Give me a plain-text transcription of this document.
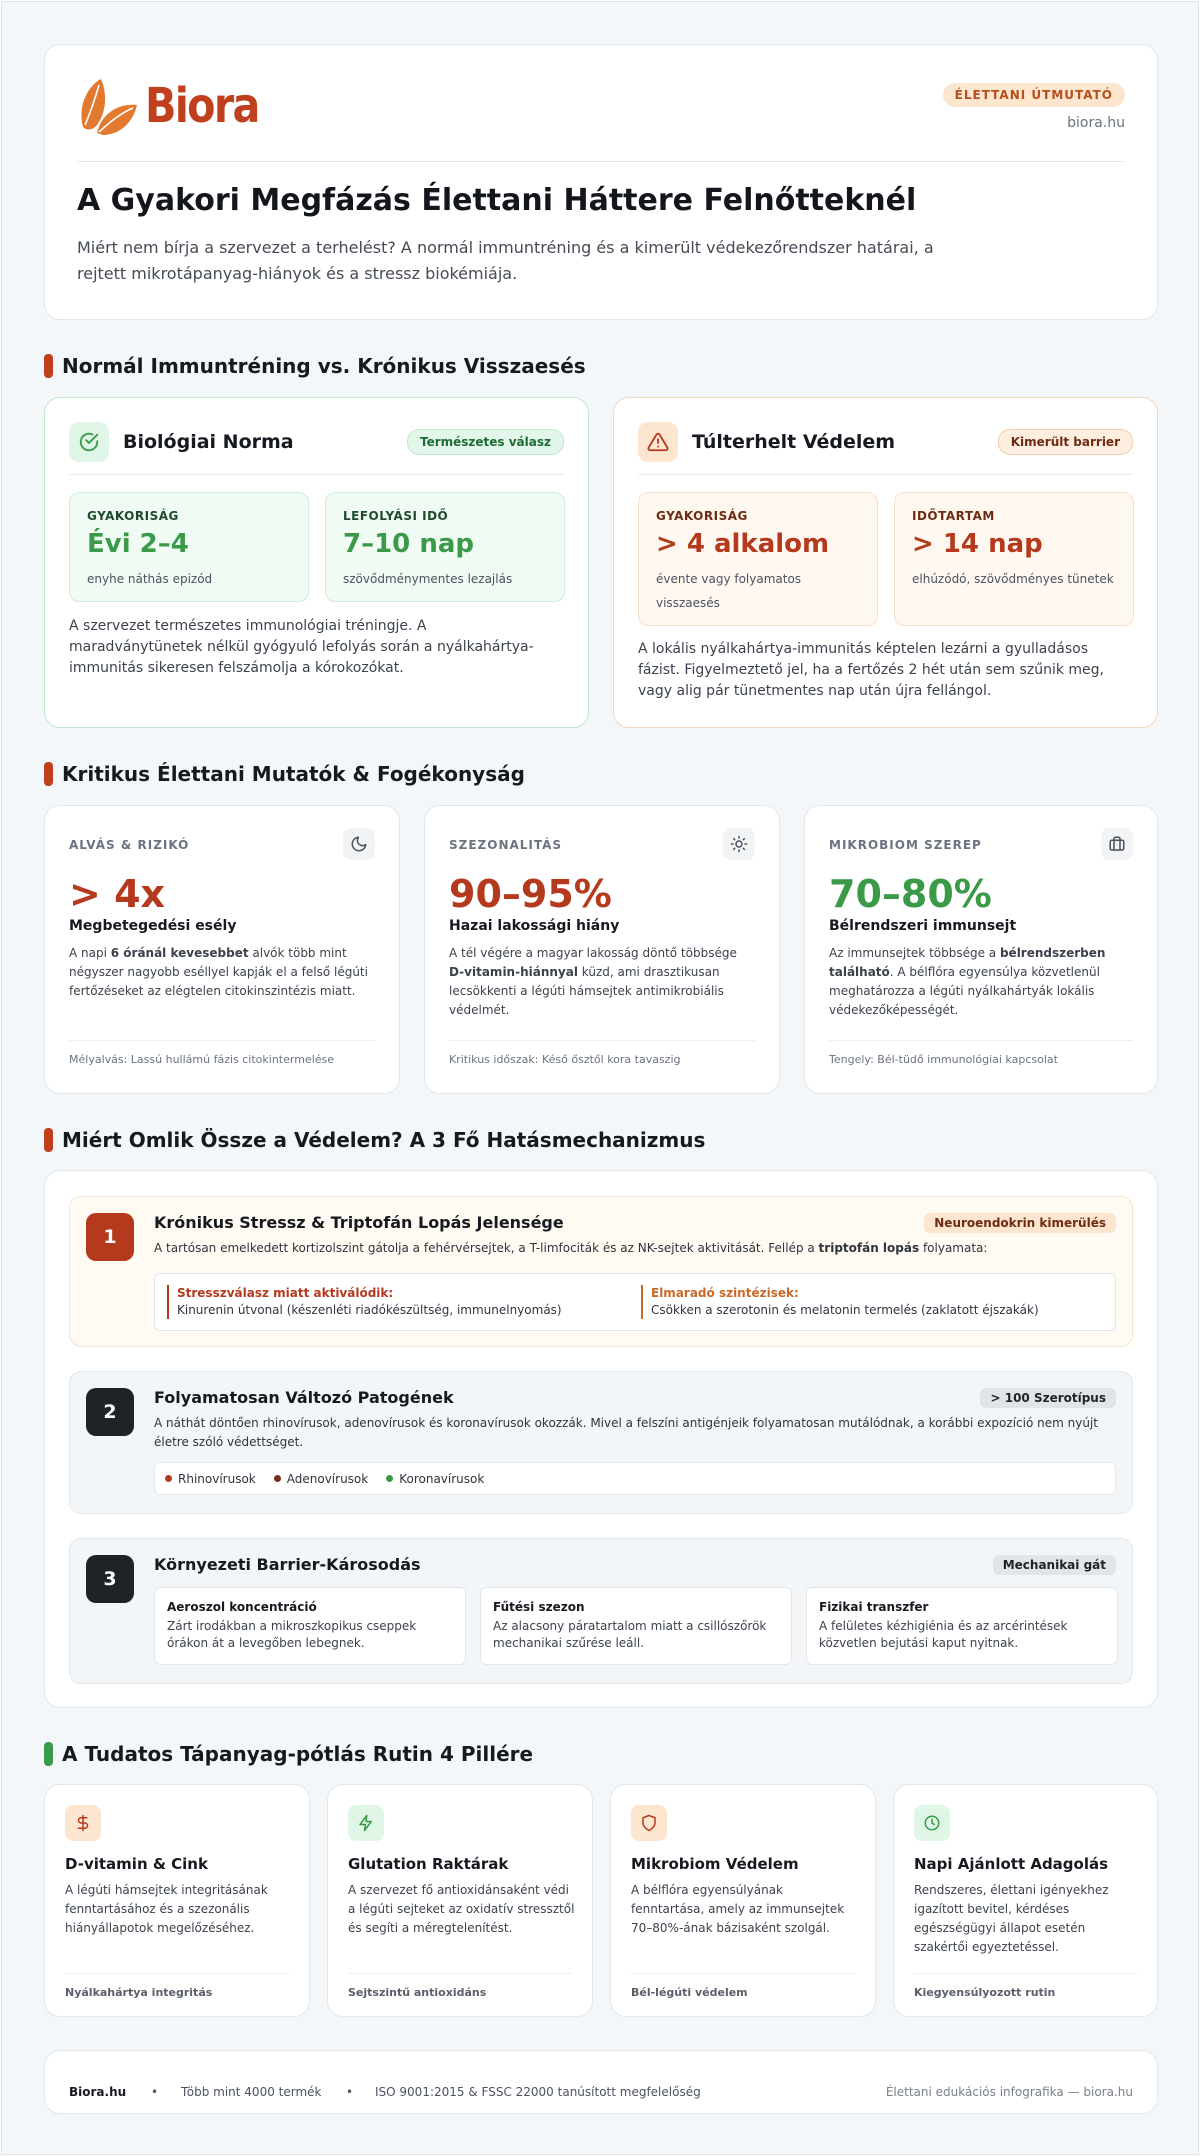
Biora	ÉLETTANI ÚTMUTATÓ
biora.hu
A Gyakori Megfázás Élettani Háttere Felnőtteknél

Miért nem bírja a szervezet a terhelést? A normál immuntréning és a kimerült védekezőrendszer határai, a rejtett mikrotápanyag-hiányok és a stressz biokémiája.

Normál Immuntréning vs. Krónikus Visszaesés
Biológiai Norma	Természetes válasz
GYAKORISÁG
Évi 2–4
enyhe náthás epizód
LEFOLYÁSI IDŐ
7–10 nap
szövődménymentes lezajlás

A szervezet természetes immunológiai tréningje. A maradványtünetek nélkül gyógyuló lefolyás során a nyálkahártya-immunitás sikeresen felszámolja a kórokozókat.

Túlterhelt Védelem	Kimerült barrier
GYAKORISÁG
> 4 alkalom
évente vagy folyamatos visszaesés
IDŐTARTAM
> 14 nap
elhúzódó, szövődményes tünetek

A lokális nyálkahártya-immunitás képtelen lezárni a gyulladásos fázist. Figyelmeztető jel, ha a fertőzés 2 hét után sem szűnik meg, vagy alig pár tünetmentes nap után újra fellángol.

Kritikus Élettani Mutatók & Fogékonyság
ALVÁS & RIZIKÓ
> 4x
Megbetegedési esély

A napi 6 óránál kevesebbet alvók több mint négyszer nagyobb eséllyel kapják el a felső légúti fertőzéseket az elégtelen citokinszintézis miatt.

Mélyalvás: Lassú hullámú fázis citokintermelése
SZEZONALITÁS
90–95%
Hazai lakossági hiány

A tél végére a magyar lakosság döntő többsége D-vitamin-hiánnyal küzd, ami drasztikusan lecsökkenti a légúti hámsejtek antimikrobiális védelmét.

Kritikus időszak: Késő ősztől kora tavaszig
MIKROBIOM SZEREP
70–80%
Bélrendszeri immunsejt

Az immunsejtek többsége a bélrendszerben található. A bélflóra egyensúlya közvetlenül meghatározza a légúti nyálkahártyák lokális védekezőképességét.

Tengely: Bél-tüdő immunológiai kapcsolat
Miért Omlik Össze a Védelem? A 3 Fő Hatásmechanizmus
1
Krónikus Stressz & Triptofán Lopás Jelensége	Neuroendokrin kimerülés

A tartósan emelkedett kortizolszint gátolja a fehérvérsejtek, a T-limfociták és az NK-sejtek aktivitását. Fellép a triptofán lopás folyamata:

Stresszválasz miatt aktiválódik:
Kinurenin útvonal (készenléti riadókészültség, immunelnyomás)
Elmaradó szintézisek:
Csökken a szerotonin és melatonin termelés (zaklatott éjszakák)
2
Folyamatosan Változó Patogének	> 100 Szerotípus

A náthát döntően rhinovírusok, adenovírusok és koronavírusok okozzák. Mivel a felszíni antigénjeik folyamatosan mutálódnak, a korábbi expozíció nem nyújt életre szóló védettséget.

Rhinovírusok	Adenovírusok	Koronavírusok
3
Környezeti Barrier-Károsodás	Mechanikai gát
Aeroszol koncentráció
Zárt irodákban a mikroszkopikus cseppek órákon át a levegőben lebegnek.
Fűtési szezon
Az alacsony páratartalom miatt a csillószőrök mechanikai szűrése leáll.
Fizikai transzfer
A felületes kézhigiénia és az arcérintések közvetlen bejutási kaput nyitnak.
A Tudatos Tápanyag-pótlás Rutin 4 Pillére
D-vitamin & Cink

A légúti hámsejtek integritásának fenntartásához és a szezonális hiányállapotok megelőzéséhez.

Nyálkahártya integritás
Glutation Raktárak

A szervezet fő antioxidánsaként védi a légúti sejteket az oxidatív stressztől és segíti a méregtelenítést.

Sejtszintű antioxidáns
Mikrobiom Védelem

A bélflóra egyensúlyának fenntartása, amely az immunsejtek 70–80%-ának bázisaként szolgál.

Bél-légúti védelem
Napi Ajánlott Adagolás

Rendszeres, élettani igényekhez igazított bevitel, kérdéses egészségügyi állapot esetén szakértői egyeztetéssel.

Kiegyensúlyozott rutin
Biora.hu • Több mint 4000 termék • ISO 9001:2015 & FSSC 22000 tanúsított megfelelőség	Élettani edukációs infografika — biora.hu
